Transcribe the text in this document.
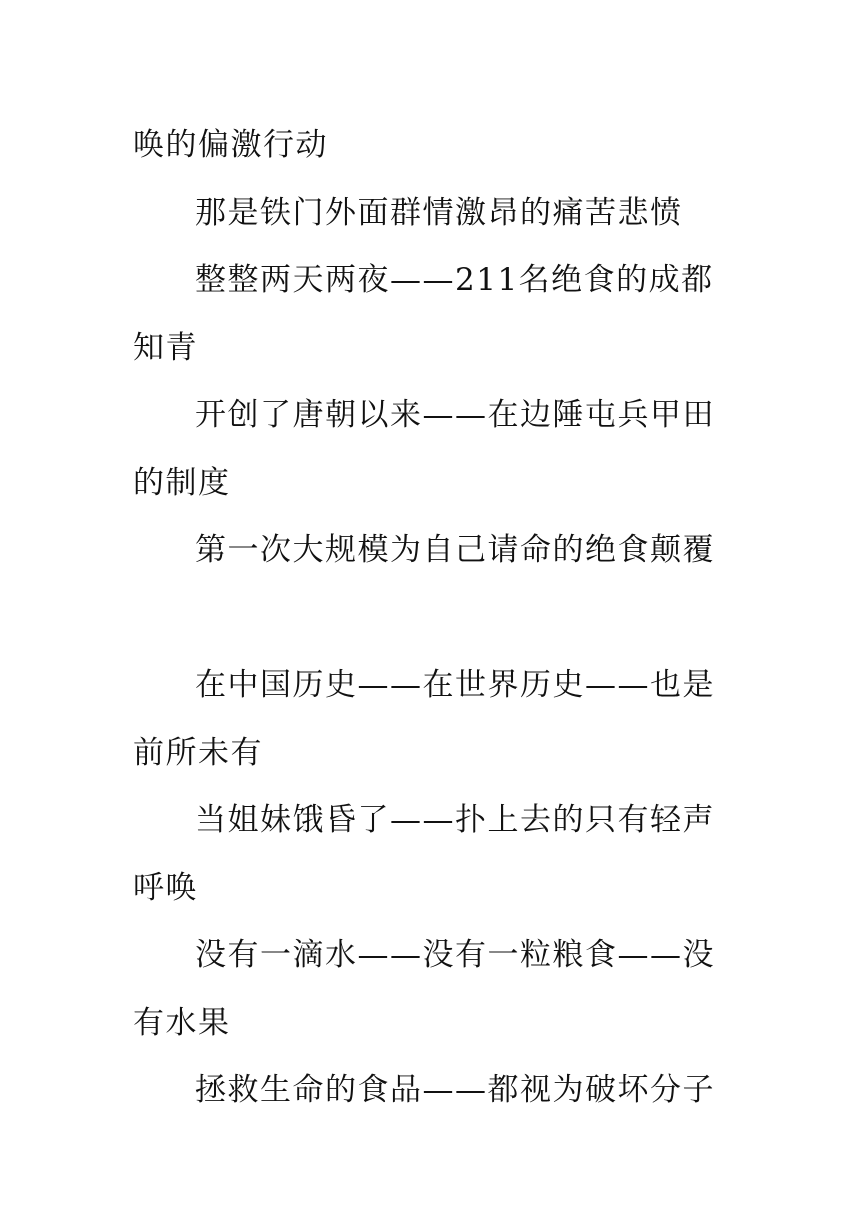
唤的偏激行动

那是铁门外面群情激昂的痛苦悲愤

整整两天两夜——211名绝食的成都知青

开创了唐朝以来——在边陲屯兵甲田的制度

第一次大规模为自己请命的绝食颠覆

在中国历史——在世界历史——也是前所未有

当姐妹饿昏了——扑上去的只有轻声呼唤

没有一滴水——没有一粒粮食——没有水果

拯救生命的食品——都视为破坏分子
